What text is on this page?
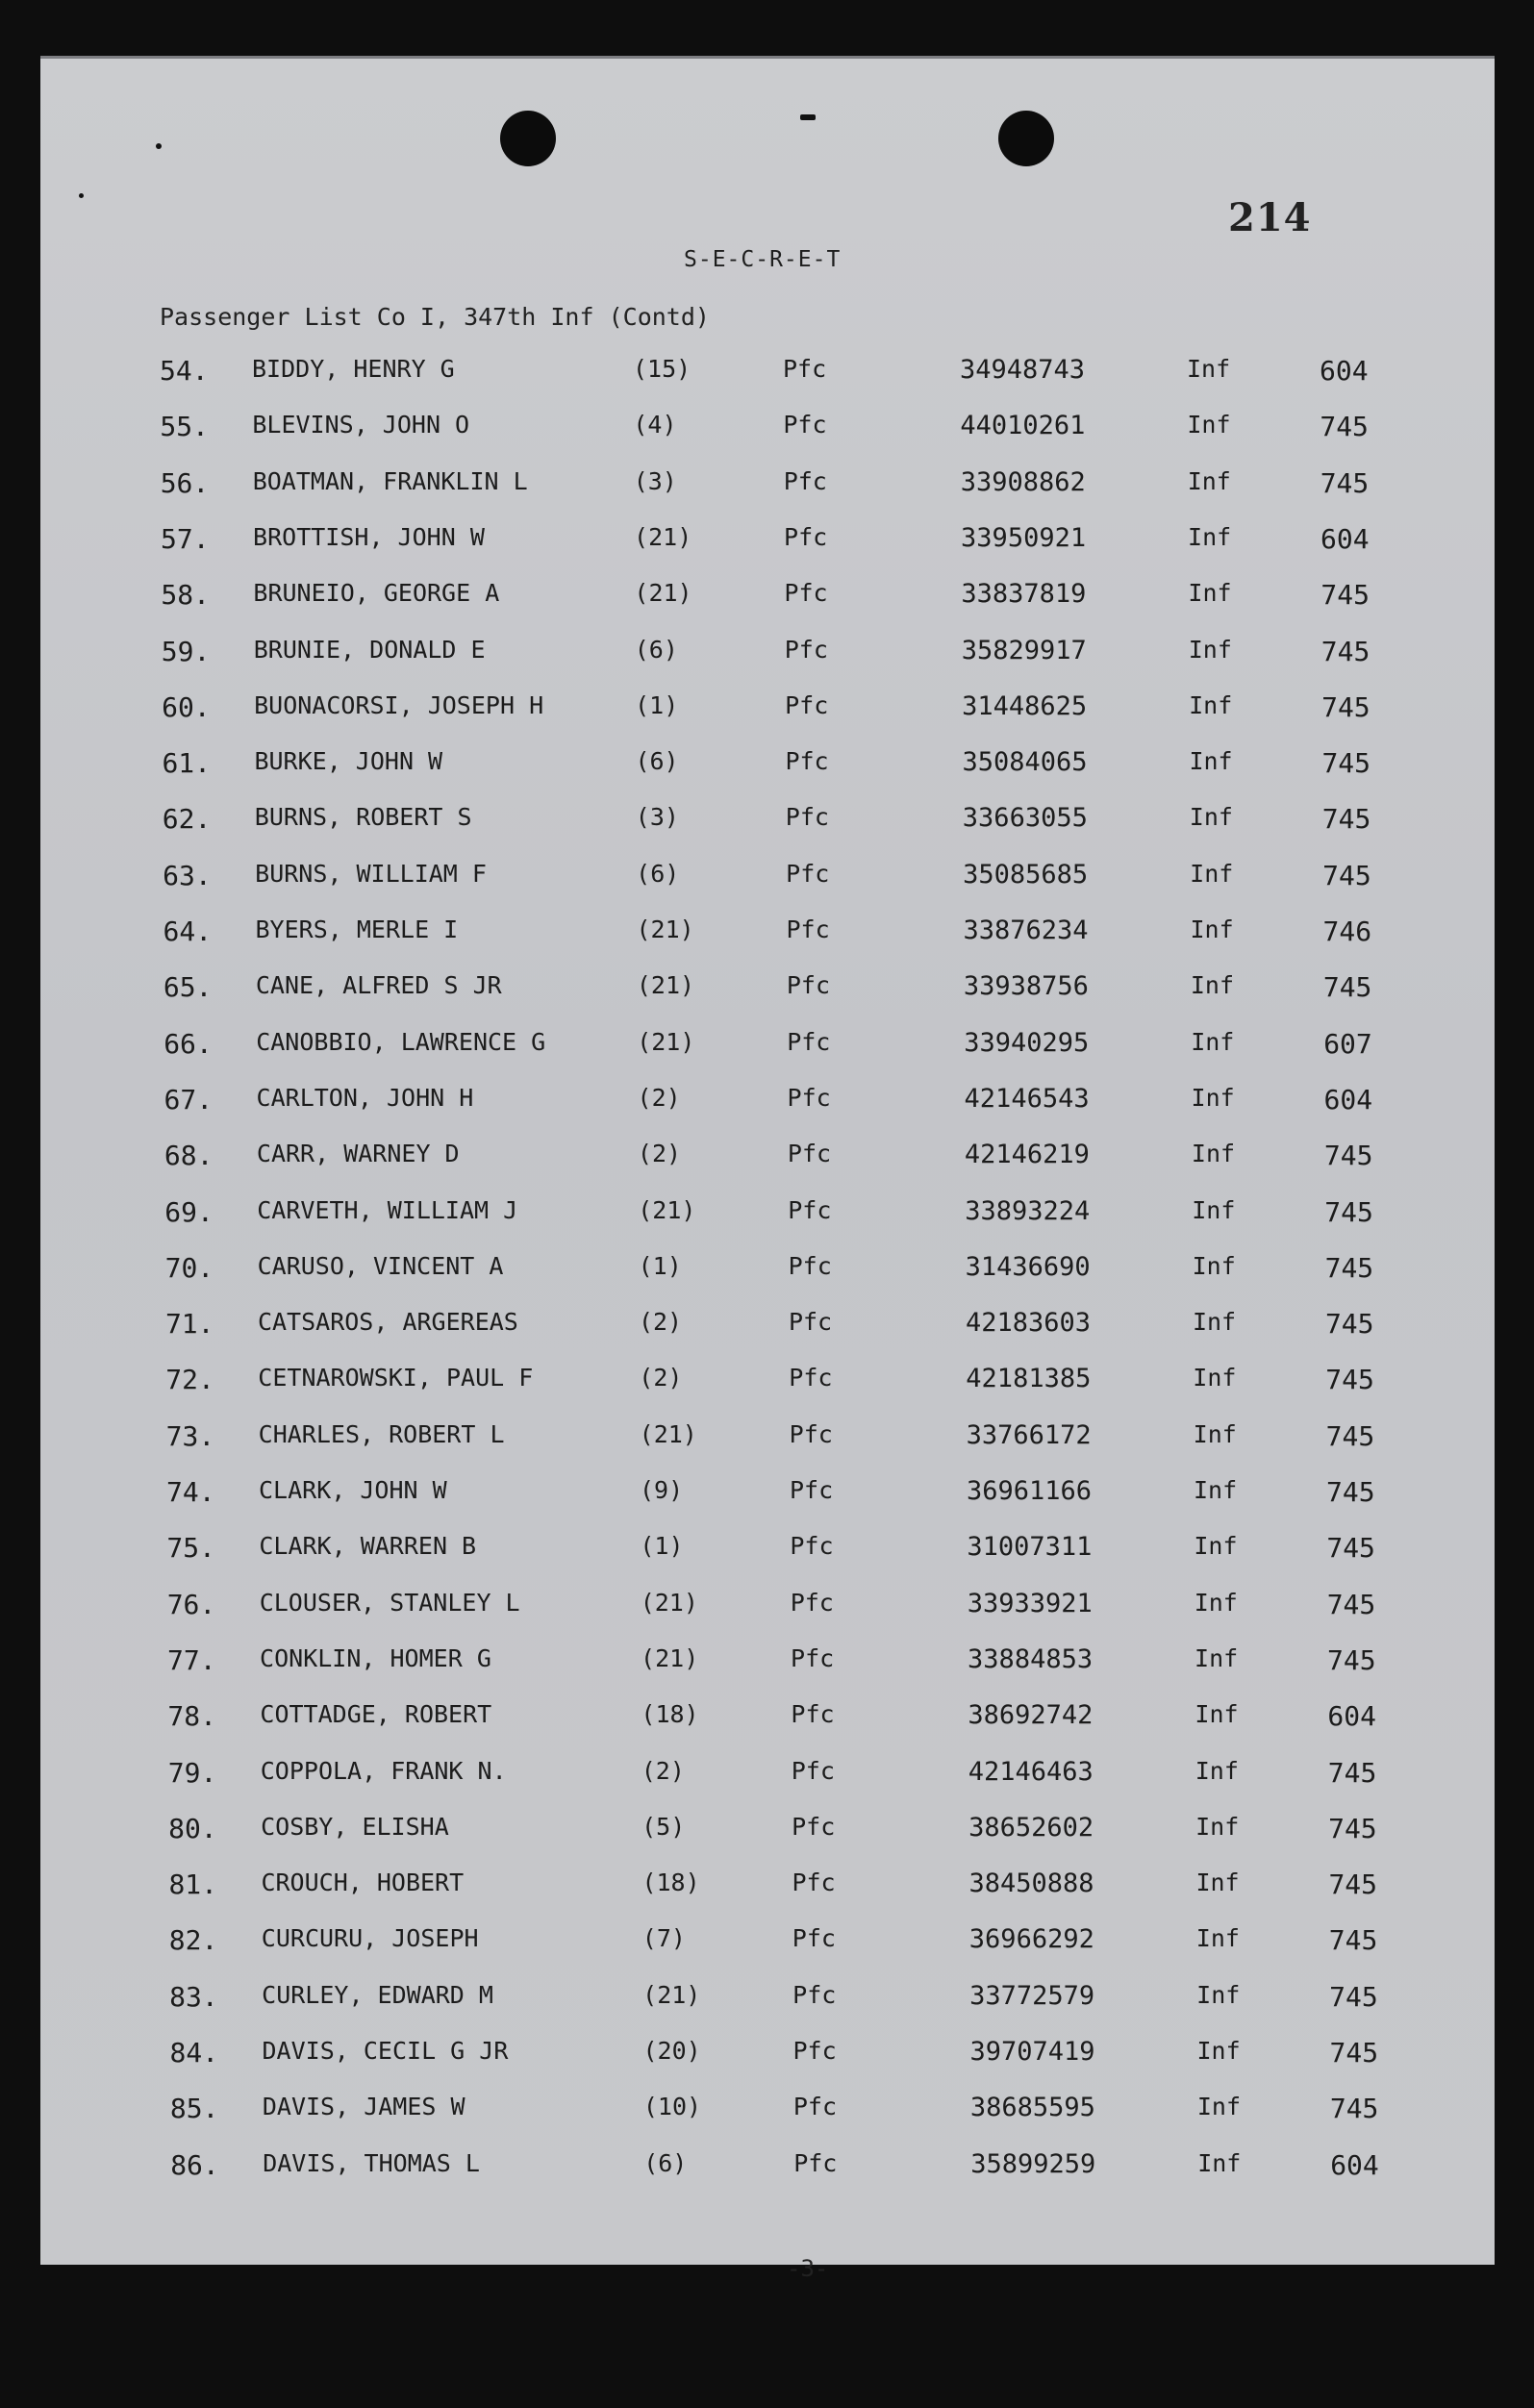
214
S-E-C-R-E-T
Passenger List Co I, 347th Inf (Contd)
54. BIDDY, HENRY G	(15)	Pfc	34948743	Inf	604
55. BLEVINS, JOHN O	(4)	Pfc	44010261	Inf	745
56. BOATMAN, FRANKLIN L	(3)	Pfc	33908862	Inf	745
57. BROTTISH, JOHN W	(21)	Pfc	33950921	Inf	604
58. BRUNEIO, GEORGE A	(21)	Pfc	33837819	Inf	745
59. BRUNIE, DONALD E	(6)	Pfc	35829917	Inf	745
60. BUONACORSI, JOSEPH H	(1)	Pfc	31448625	Inf	745
61. BURKE, JOHN W	(6)	Pfc	35084065	Inf	745
62. BURNS, ROBERT S	(3)	Pfc	33663055	Inf	745
63. BURNS, WILLIAM F	(6)	Pfc	35085685	Inf	745
64. BYERS, MERLE I	(21)	Pfc	33876234	Inf	746
65. CANE, ALFRED S JR	(21)	Pfc	33938756	Inf	745
66. CANOBBIO, LAWRENCE G	(21)	Pfc	33940295	Inf	607
67. CARLTON, JOHN H	(2)	Pfc	42146543	Inf	604
68. CARR, WARNEY D	(2)	Pfc	42146219	Inf	745
69. CARVETH, WILLIAM J	(21)	Pfc	33893224	Inf	745
70. CARUSO, VINCENT A	(1)	Pfc	31436690	Inf	745
71. CATSAROS, ARGEREAS	(2)	Pfc	42183603	Inf	745
72. CETNAROWSKI, PAUL F	(2)	Pfc	42181385	Inf	745
73. CHARLES, ROBERT L	(21)	Pfc	33766172	Inf	745
74. CLARK, JOHN W	(9)	Pfc	36961166	Inf	745
75. CLARK, WARREN B	(1)	Pfc	31007311	Inf	745
76. CLOUSER, STANLEY L	(21)	Pfc	33933921	Inf	745
77. CONKLIN, HOMER G	(21)	Pfc	33884853	Inf	745
78. COTTADGE, ROBERT	(18)	Pfc	38692742	Inf	604
79. COPPOLA, FRANK N.	(2)	Pfc	42146463	Inf	745
80. COSBY, ELISHA	(5)	Pfc	38652602	Inf	745
81. CROUCH, HOBERT	(18)	Pfc	38450888	Inf	745
82. CURCURU, JOSEPH	(7)	Pfc	36966292	Inf	745
83. CURLEY, EDWARD M	(21)	Pfc	33772579	Inf	745
84. DAVIS, CECIL G JR	(20)	Pfc	39707419	Inf	745
85. DAVIS, JAMES W	(10)	Pfc	38685595	Inf	745
86. DAVIS, THOMAS L	(6)	Pfc	35899259	Inf	604
-3-
